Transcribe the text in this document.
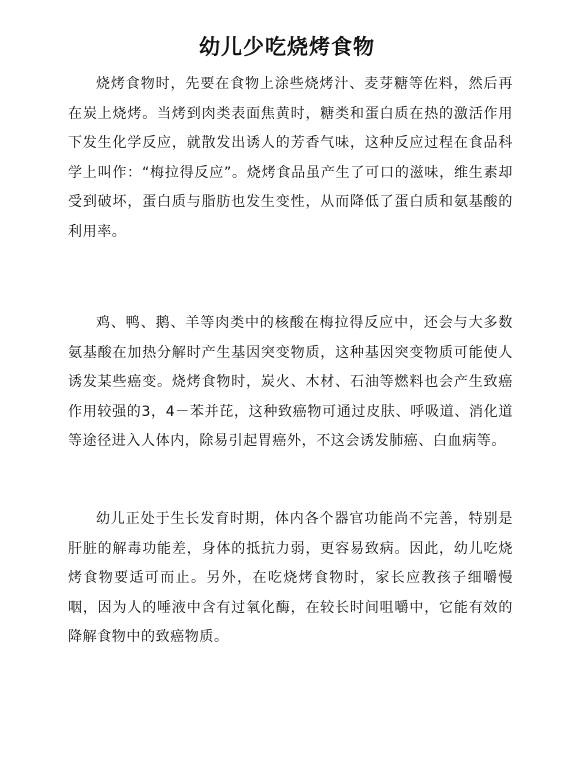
幼儿少吃烧烤食物

烧烤食物时，先要在食物上涂些烧烤汁、麦芽糖等佐料，然后再在炭上烧烤。当烤到肉类表面焦黄时，糖类和蛋白质在热的激活作用下发生化学反应，就散发出诱人的芳香气味，这种反应过程在食品科学上叫作：“梅拉得反应”。烧烤食品虽产生了可口的滋味，维生素却受到破坏，蛋白质与脂肪也发生变性，从而降低了蛋白质和氨基酸的利用率。

鸡、鸭、鹅、羊等肉类中的核酸在梅拉得反应中，还会与大多数氨基酸在加热分解时产生基因突变物质，这种基因突变物质可能使人诱发某些癌变。烧烤食物时，炭火、木材、石油等燃料也会产生致癌作用较强的3，4－苯并芘，这种致癌物可通过皮肤、呼吸道、消化道等途径进入人体内，除易引起胃癌外，不这会诱发肺癌、白血病等。

幼儿正处于生长发育时期，体内各个器官功能尚不完善，特别是肝脏的解毒功能差，身体的抵抗力弱，更容易致病。因此，幼儿吃烧烤食物要适可而止。另外，在吃烧烤食物时，家长应教孩子细嚼慢咽，因为人的唾液中含有过氧化酶，在较长时间咀嚼中，它能有效的降解食物中的致癌物质。
